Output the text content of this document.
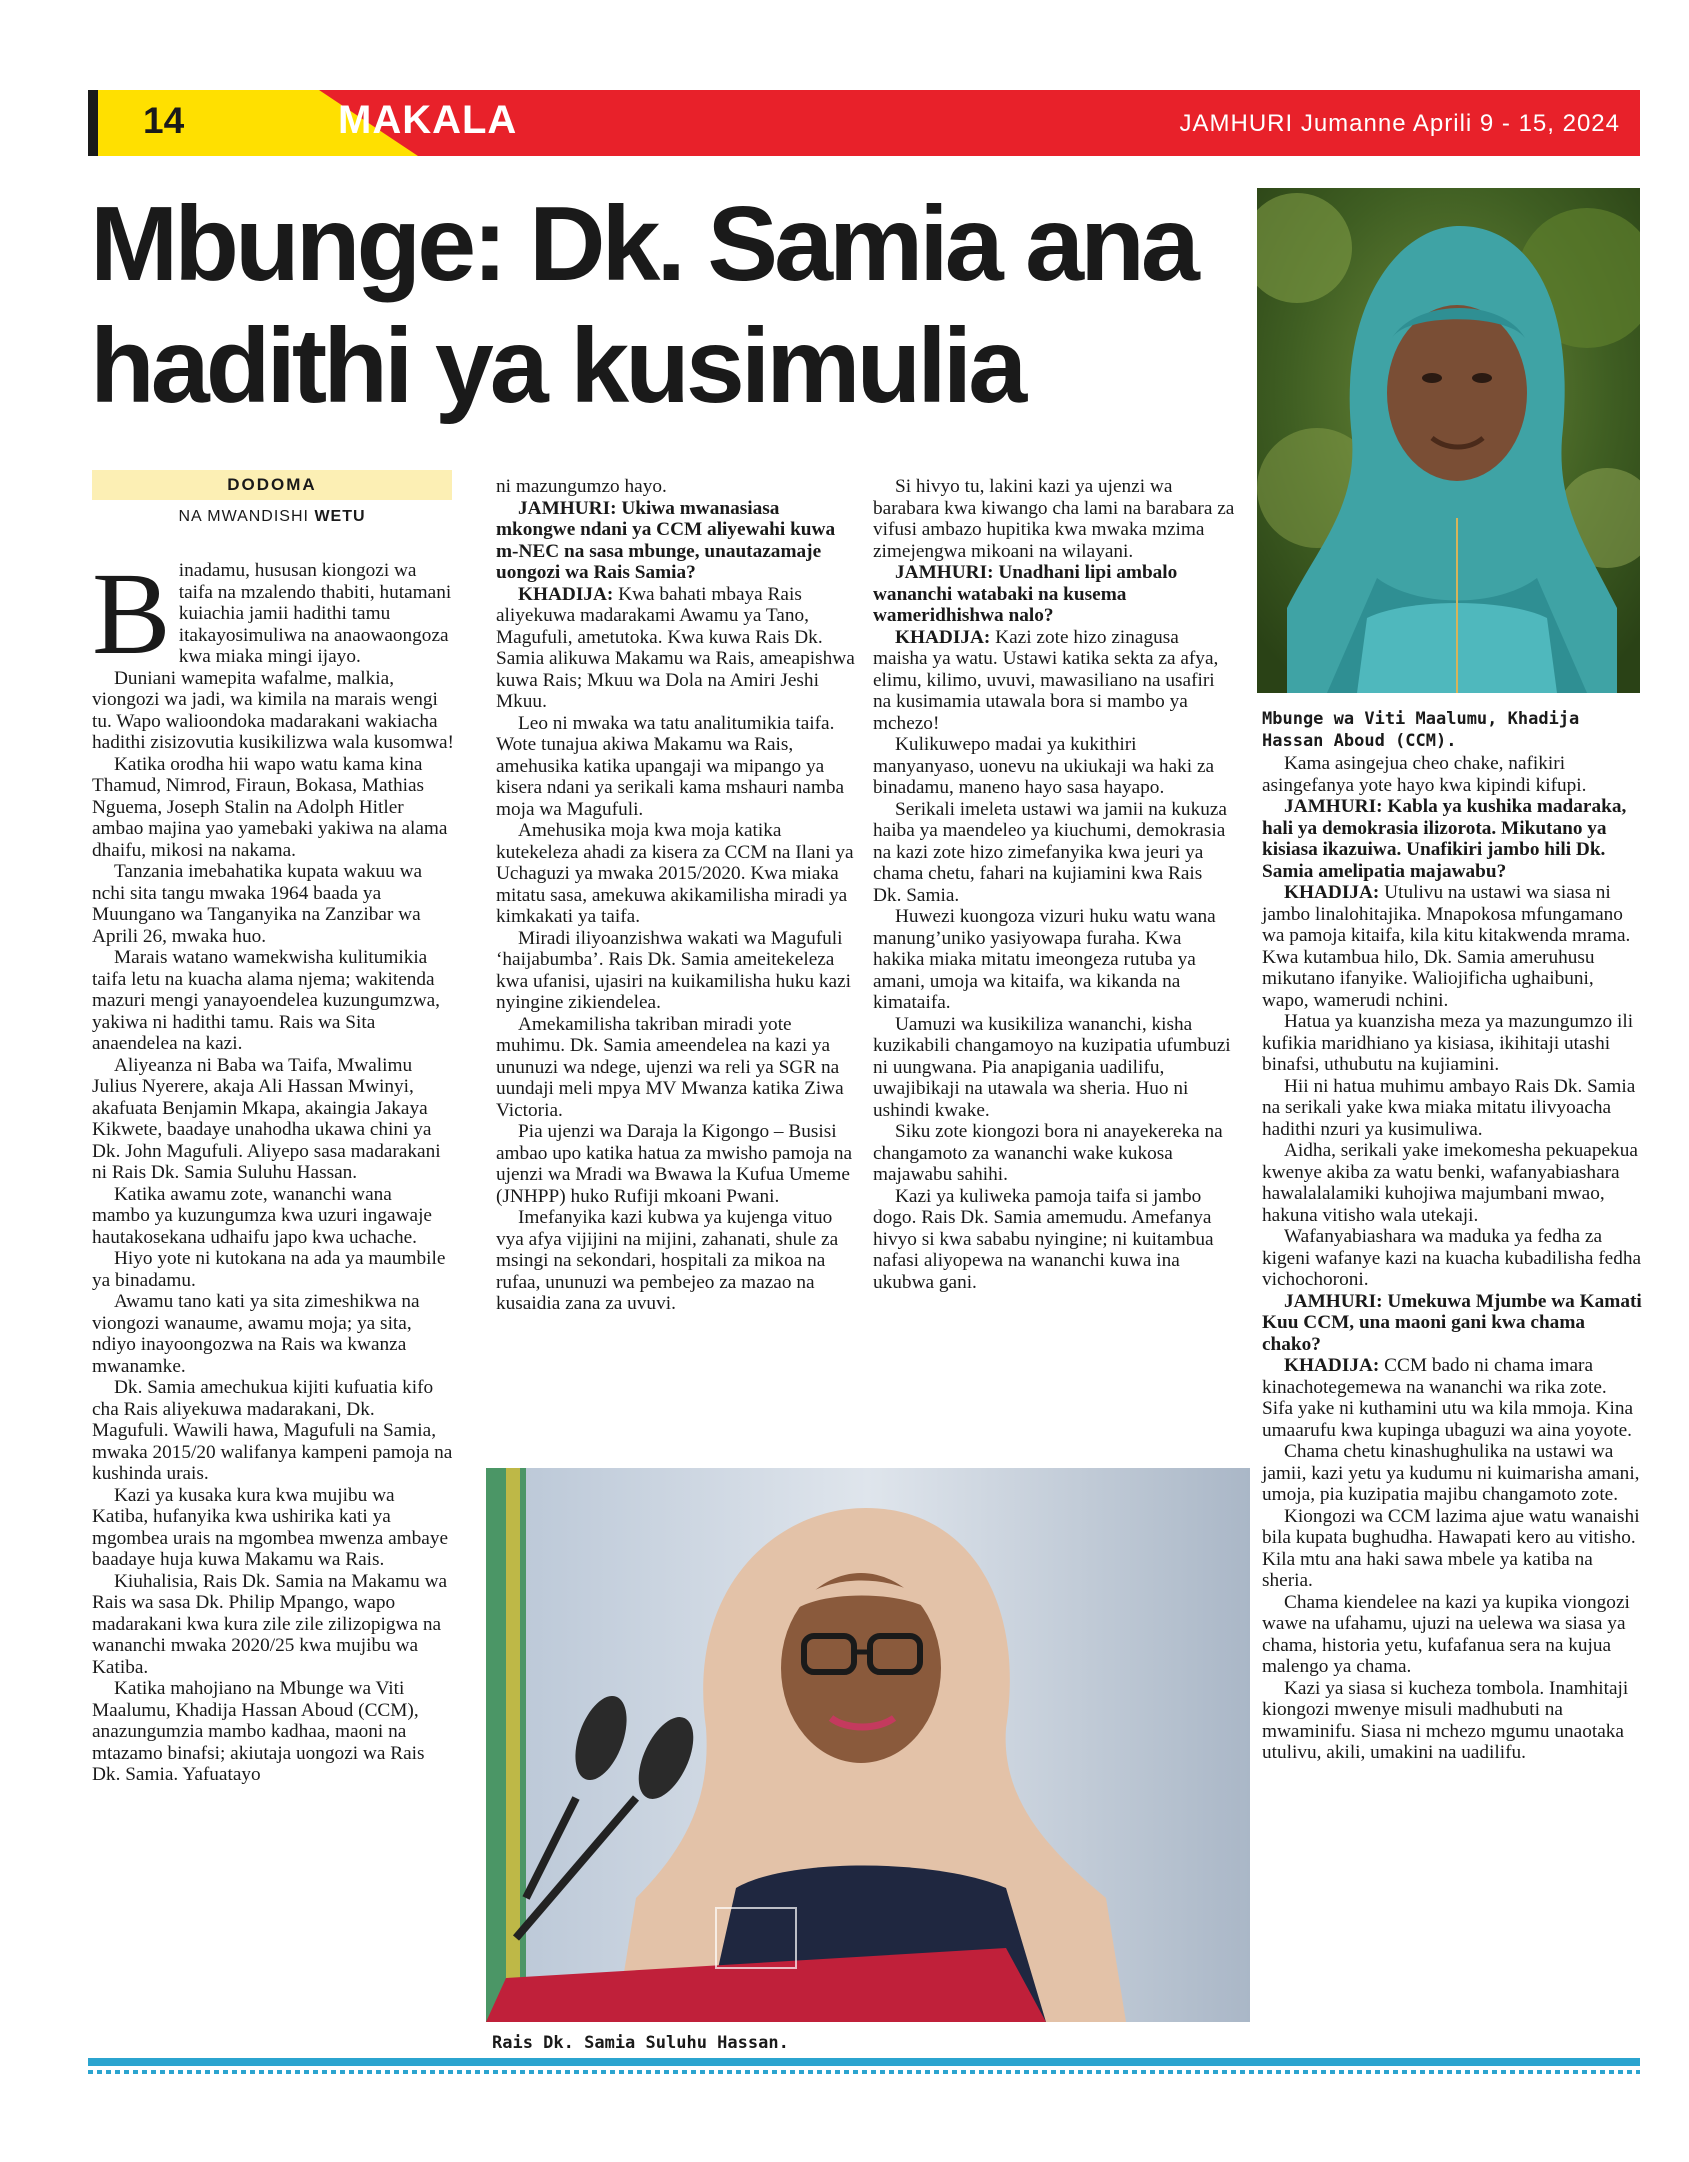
14	MAKALA	JAMHURI Jumanne Aprili 9 - 15, 2024
Mbunge: Dk. Samia ana hadithi ya kusimulia

Mbunge wa Viti Maalumu, Khadija Hassan Aboud (CCM).

DODOMA
NA MWANDISHI WETU

Binadamu, hususan kiongozi wa taifa na mzalendo thabiti, hutamani kuiachia jamii hadithi tamu itakayosimuliwa na anaowaongoza kwa miaka mingi ijayo.

Duniani wamepita wafalme, malkia, viongozi wa jadi, wa kimila na marais wengi tu. Wapo walioondoka madarakani wakiacha hadithi zisizovutia kusikilizwa wala kusomwa!

Katika orodha hii wapo watu kama kina Thamud, Nimrod, Firaun, Bokasa, Mathias Nguema, Joseph Stalin na Adolph Hitler ambao majina yao yamebaki yakiwa na alama dhaifu, mikosi na nakama.

Tanzania imebahatika kupata wakuu wa nchi sita tangu mwaka 1964 baada ya Muungano wa Tanganyika na Zanzibar wa Aprili 26, mwaka huo.

Marais watano wamekwisha kulitumikia taifa letu na kuacha alama njema; wakitenda mazuri mengi yanayoendelea kuzungumzwa, yakiwa ni hadithi tamu. Rais wa Sita anaendelea na kazi.

Aliyeanza ni Baba wa Taifa, Mwalimu Julius Nyerere, akaja Ali Hassan Mwinyi, akafuata Benjamin Mkapa, akaingia Jakaya Kikwete, baadaye unahodha ukawa chini ya Dk. John Magufuli. Aliyepo sasa madarakani ni Rais Dk. Samia Suluhu Hassan.

Katika awamu zote, wananchi wana mambo ya kuzungumza kwa uzuri ingawaje hautakosekana udhaifu japo kwa uchache.

Hiyo yote ni kutokana na ada ya maumbile ya binadamu.

Awamu tano kati ya sita zimeshikwa na viongozi wanaume, awamu moja; ya sita, ndiyo inayoongozwa na Rais wa kwanza mwanamke.

Dk. Samia amechukua kijiti kufuatia kifo cha Rais aliyekuwa madarakani, Dk. Magufuli. Wawili hawa, Magufuli na Samia, mwaka 2015/20 walifanya kampeni pamoja na kushinda urais.

Kazi ya kusaka kura kwa mujibu wa Katiba, hufanyika kwa ushirika kati ya mgombea urais na mgombea mwenza ambaye baadaye huja kuwa Makamu wa Rais.

Kiuhalisia, Rais Dk. Samia na Makamu wa Rais wa sasa Dk. Philip Mpango, wapo madarakani kwa kura zile zile zilizopigwa na wananchi mwaka 2020/25 kwa mujibu wa Katiba.

Katika mahojiano na Mbunge wa Viti Maalumu, Khadija Hassan Aboud (CCM), anazungumzia mambo kadhaa, maoni na mtazamo binafsi; akiutaja uongozi wa Rais Dk. Samia. Yafuatayo

ni mazungumzo hayo.

JAMHURI: Ukiwa mwanasiasa mkongwe ndani ya CCM aliyewahi kuwa m-NEC na sasa mbunge, unautazamaje uongozi wa Rais Samia?

KHADIJA: Kwa bahati mbaya Rais aliyekuwa madarakami Awamu ya Tano, Magufuli, ametutoka. Kwa kuwa Rais Dk. Samia alikuwa Makamu wa Rais, ameapishwa kuwa Rais; Mkuu wa Dola na Amiri Jeshi Mkuu.

Leo ni mwaka wa tatu analitumikia taifa. Wote tunajua akiwa Makamu wa Rais, amehusika katika upangaji wa mipango ya kisera ndani ya serikali kama mshauri namba moja wa Magufuli.

Amehusika moja kwa moja katika kutekeleza ahadi za kisera za CCM na Ilani ya Uchaguzi ya mwaka 2015/2020. Kwa miaka mitatu sasa, amekuwa akikamilisha miradi ya kimkakati ya taifa.

Miradi iliyoanzishwa wakati wa Magufuli ‘haijabumba’. Rais Dk. Samia ameitekeleza kwa ufanisi, ujasiri na kuikamilisha huku kazi nyingine zikiendelea.

Amekamilisha takriban miradi yote muhimu. Dk. Samia ameendelea na kazi ya ununuzi wa ndege, ujenzi wa reli ya SGR na uundaji meli mpya MV Mwanza katika Ziwa Victoria.

Pia ujenzi wa Daraja la Kigongo – Busisi ambao upo katika hatua za mwisho pamoja na ujenzi wa Mradi wa Bwawa la Kufua Umeme (JNHPP) huko Rufiji mkoani Pwani.

Imefanyika kazi kubwa ya kujenga vituo vya afya vijijini na mijini, zahanati, shule za msingi na sekondari, hospitali za mikoa na rufaa, ununuzi wa pembejeo za mazao na kusaidia zana za uvuvi.

Si hivyo tu, lakini kazi ya ujenzi wa barabara kwa kiwango cha lami na barabara za vifusi ambazo hupitika kwa mwaka mzima zimejengwa mikoani na wilayani.

JAMHURI: Unadhani lipi ambalo wananchi watabaki na kusema wameridhishwa nalo?

KHADIJA: Kazi zote hizo zinagusa maisha ya watu. Ustawi katika sekta za afya, elimu, kilimo, uvuvi, mawasiliano na usafiri na kusimamia utawala bora si mambo ya mchezo!

Kulikuwepo madai ya kukithiri manyanyaso, uonevu na ukiukaji wa haki za binadamu, maneno hayo sasa hayapo.

Serikali imeleta ustawi wa jamii na kukuza haiba ya maendeleo ya kiuchumi, demokrasia na kazi zote hizo zimefanyika kwa jeuri ya chama chetu, fahari na kujiamini kwa Rais Dk. Samia.

Huwezi kuongoza vizuri huku watu wana manung’uniko yasiyowapa furaha. Kwa hakika miaka mitatu imeongeza rutuba ya amani, umoja wa kitaifa, wa kikanda na kimataifa.

Uamuzi wa kusikiliza wananchi, kisha kuzikabili changamoyo na kuzipatia ufumbuzi ni uungwana. Pia anapigania uadilifu, uwajibikaji na utawala wa sheria. Huo ni ushindi kwake.

Siku zote kiongozi bora ni anayekereka na changamoto za wananchi wake kukosa majawabu sahihi.

Kazi ya kuliweka pamoja taifa si jambo dogo. Rais Dk. Samia amemudu. Amefanya hivyo si kwa sababu nyingine; ni kuitambua nafasi aliyopewa na wananchi kuwa ina ukubwa gani.

Kama asingejua cheo chake, nafikiri asingefanya yote hayo kwa kipindi kifupi.

JAMHURI: Kabla ya kushika madaraka, hali ya demokrasia ilizorota. Mikutano ya kisiasa ikazuiwa. Unafikiri jambo hili Dk. Samia amelipatia majawabu?

KHADIJA: Utulivu na ustawi wa siasa ni jambo linalohitajika. Mnapokosa mfungamano wa pamoja kitaifa, kila kitu kitakwenda mrama. Kwa kutambua hilo, Dk. Samia ameruhusu mikutano ifanyike. Waliojificha ughaibuni, wapo, wamerudi nchini.

Hatua ya kuanzisha meza ya mazungumzo ili kufikia maridhiano ya kisiasa, ikihitaji utashi binafsi, uthubutu na kujiamini.

Hii ni hatua muhimu ambayo Rais Dk. Samia na serikali yake kwa miaka mitatu ilivyoacha hadithi nzuri ya kusimuliwa.

Aidha, serikali yake imekomesha pekuapekua kwenye akiba za watu benki, wafanyabiashara hawalalalamiki kuhojiwa majumbani mwao, hakuna vitisho wala utekaji.

Wafanyabiashara wa maduka ya fedha za kigeni wafanye kazi na kuacha kubadilisha fedha vichochoroni.

JAMHURI: Umekuwa Mjumbe wa Kamati Kuu CCM, una maoni gani kwa chama chako?

KHADIJA: CCM bado ni chama imara kinachotegemewa na wananchi wa rika zote. Sifa yake ni kuthamini utu wa kila mmoja. Kina umaarufu kwa kupinga ubaguzi wa aina yoyote.

Chama chetu kinashughulika na ustawi wa jamii, kazi yetu ya kudumu ni kuimarisha amani, umoja, pia kuzipatia majibu changamoto zote.

Kiongozi wa CCM lazima ajue watu wanaishi bila kupata bughudha. Hawapati kero au vitisho. Kila mtu ana haki sawa mbele ya katiba na sheria.

Chama kiendelee na kazi ya kupika viongozi wawe na ufahamu, ujuzi na uelewa wa siasa ya chama, historia yetu, kufafanua sera na kujua malengo ya chama.

Kazi ya siasa si kucheza tombola. Inamhitaji kiongozi mwenye misuli madhubuti na mwaminifu. Siasa ni mchezo mgumu unaotaka utulivu, akili, umakini na uadilifu.

Rais Dk. Samia Suluhu Hassan.
